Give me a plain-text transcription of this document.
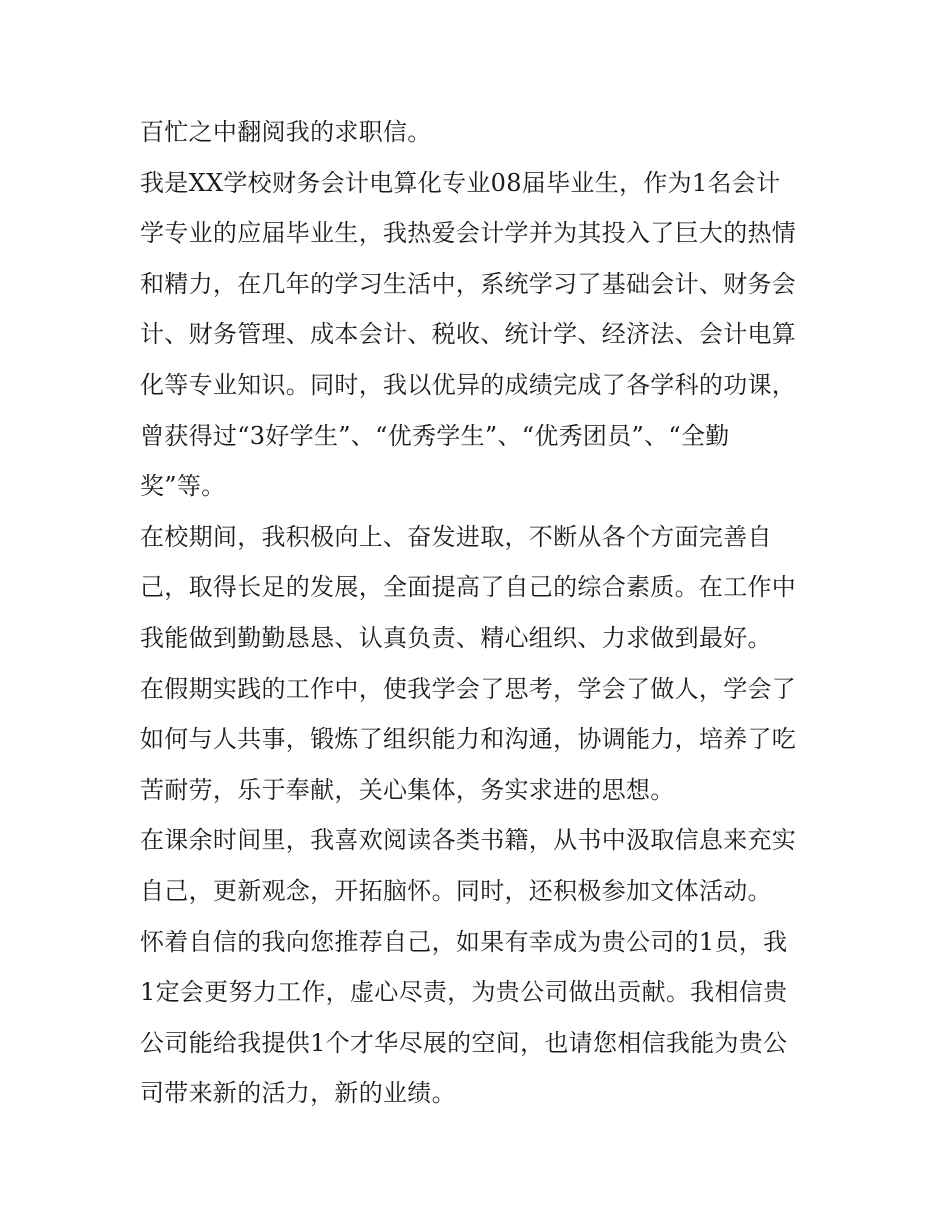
百忙之中翻阅我的求职信。
我是XX学校财务会计电算化专业08届毕业生，作为1名会计
学专业的应届毕业生，我热爱会计学并为其投入了巨大的热情
和精力，在几年的学习生活中，系统学习了基础会计、财务会
计、财务管理、成本会计、税收、统计学、经济法、会计电算
化等专业知识。同时，我以优异的成绩完成了各学科的功课，
曾获得过“3好学生”、“优秀学生”、“优秀团员”、“全勤
奖”等。
在校期间，我积极向上、奋发进取，不断从各个方面完善自
己，取得长足的发展，全面提高了自己的综合素质。在工作中
我能做到勤勤恳恳、认真负责、精心组织、力求做到最好。
在假期实践的工作中，使我学会了思考，学会了做人，学会了
如何与人共事，锻炼了组织能力和沟通，协调能力，培养了吃
苦耐劳，乐于奉献，关心集体，务实求进的思想。
在课余时间里，我喜欢阅读各类书籍，从书中汲取信息来充实
自己，更新观念，开拓脑怀。同时，还积极参加文体活动。
怀着自信的我向您推荐自己，如果有幸成为贵公司的1员，我
1定会更努力工作，虚心尽责，为贵公司做出贡献。我相信贵
公司能给我提供1个才华尽展的空间，也请您相信我能为贵公
司带来新的活力，新的业绩。
